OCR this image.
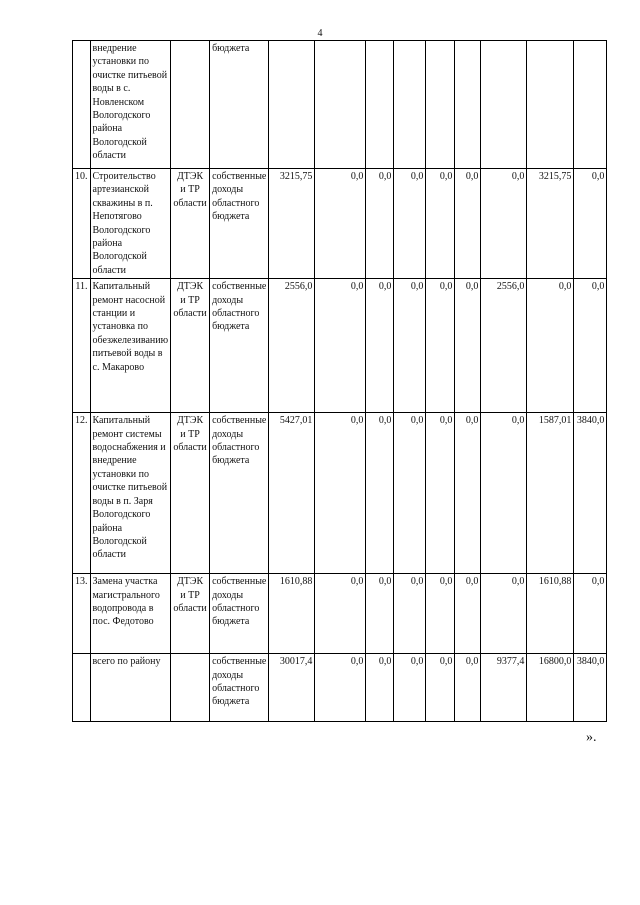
4
	внедрение установки по очистке питьевой воды в с. Новленском Вологодского района Вологодской области		бюджета									
10.	Строительство артезианской скважины в п. Непотягово Вологодского района Вологодской области	ДТЭК и ТР области	собственные доходы областного бюджета	3215,75	0,0	0,0	0,0	0,0	0,0	0,0	3215,75	0,0
11.	Капитальный ремонт насосной станции и установка по обезжелезиванию питьевой воды в с. Макарово	ДТЭК и ТР области	собственные доходы областного бюджета	2556,0	0,0	0,0	0,0	0,0	0,0	2556,0	0,0	0,0
12.	Капитальный ремонт системы водоснабжения и внедрение установки по очистке питьевой воды в п. Заря Вологодского района Вологодской области	ДТЭК и ТР области	собственные доходы областного бюджета	5427,01	0,0	0,0	0,0	0,0	0,0	0,0	1587,01	3840,0
13.	Замена участка магистрального водопровода в пос. Федотово	ДТЭК и ТР области	собственные доходы областного бюджета	1610,88	0,0	0,0	0,0	0,0	0,0	0,0	1610,88	0,0
	всего по району		собственные доходы областного бюджета	30017,4	0,0	0,0	0,0	0,0	0,0	9377,4	16800,0	3840,0
».
